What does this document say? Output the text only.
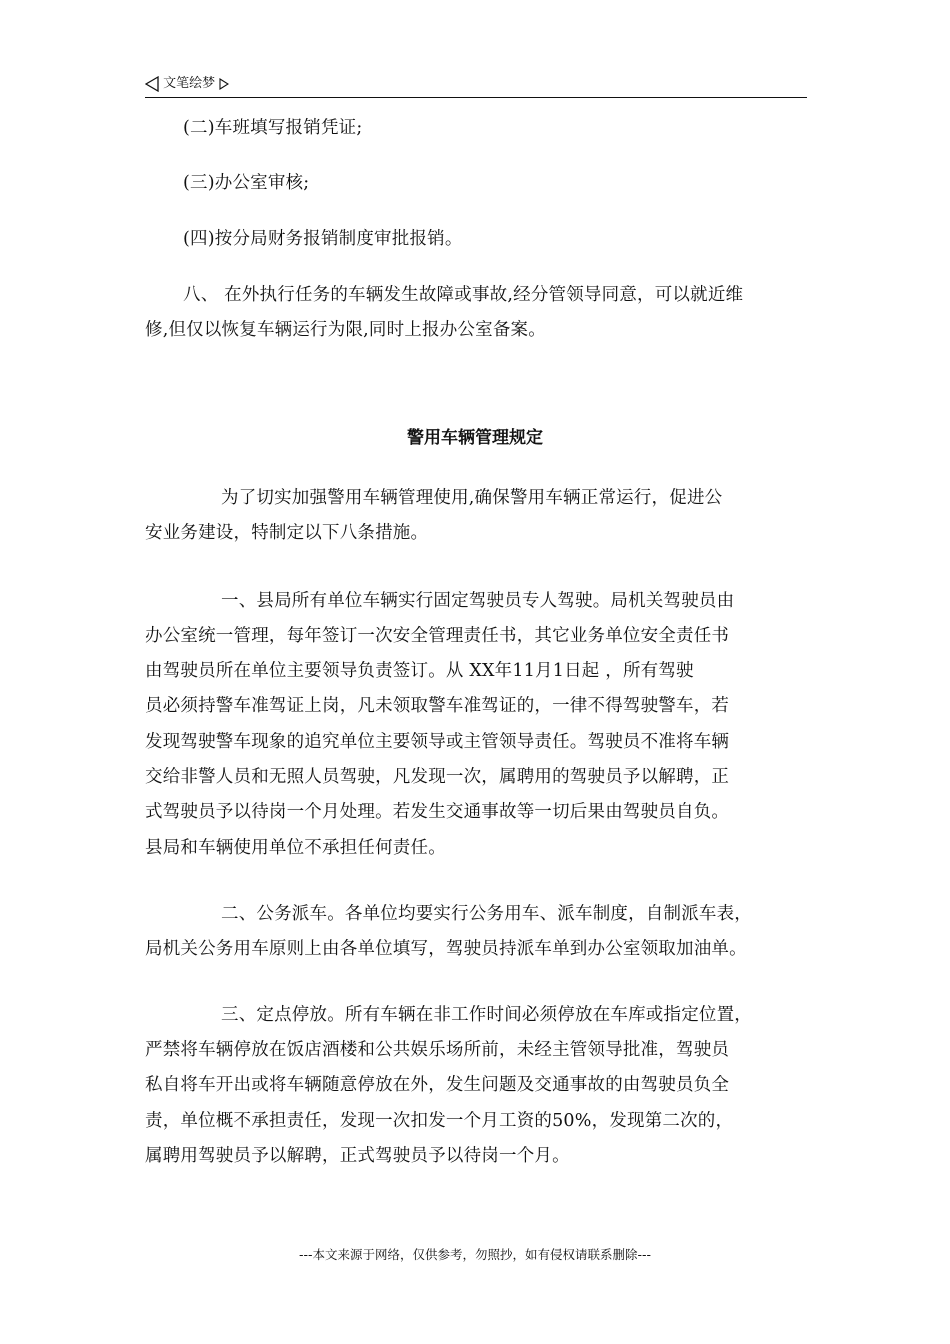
文笔绘梦
(二)车班填写报销凭证;
(三)办公室审核;
(四)按分局财务报销制度审批报销。
八、 在外执行任务的车辆发生故障或事故,经分管领导同意，可以就近维
修,但仅以恢复车辆运行为限,同时上报办公室备案。
警用车辆管理规定
为了切实加强警用车辆管理使用,确保警用车辆正常运行，促进公
安业务建设，特制定以下八条措施。
一、县局所有单位车辆实行固定驾驶员专人驾驶。局机关驾驶员由
办公室统一管理，每年签订一次安全管理责任书，其它业务单位安全责任书
由驾驶员所在单位主要领导负责签订。从 XX年11月1日起 ，所有驾驶
员必须持警车准驾证上岗，凡未领取警车准驾证的，一律不得驾驶警车，若
发现驾驶警车现象的追究单位主要领导或主管领导责任。驾驶员不准将车辆
交给非警人员和无照人员驾驶，凡发现一次，属聘用的驾驶员予以解聘，正
式驾驶员予以待岗一个月处理。若发生交通事故等一切后果由驾驶员自负。
县局和车辆使用单位不承担任何责任。
二、公务派车。各单位均要实行公务用车、派车制度，自制派车表，
局机关公务用车原则上由各单位填写，驾驶员持派车单到办公室领取加油单。
三、定点停放。所有车辆在非工作时间必须停放在车库或指定位置，
严禁将车辆停放在饭店酒楼和公共娱乐场所前，未经主管领导批准，驾驶员
私自将车开出或将车辆随意停放在外，发生问题及交通事故的由驾驶员负全
责，单位概不承担责任，发现一次扣发一个月工资的50%，发现第二次的，
属聘用驾驶员予以解聘，正式驾驶员予以待岗一个月。
---本文来源于网络，仅供参考，勿照抄，如有侵权请联系删除---
